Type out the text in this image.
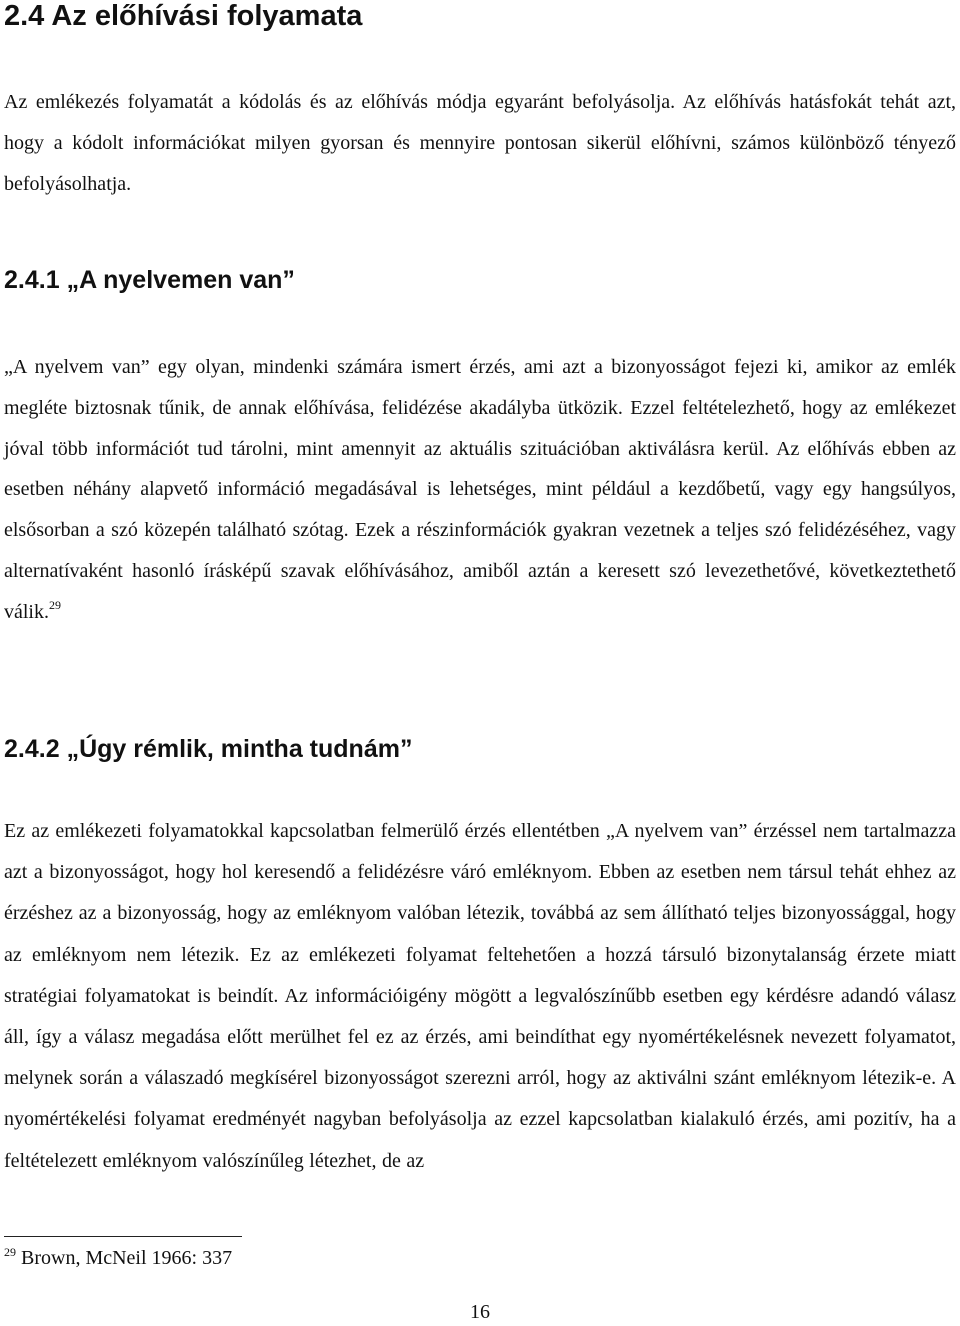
2.4 Az előhívási folyamata

Az emlékezés folyamatát a kódolás és az előhívás módja egyaránt befolyásolja. Az előhívás hatásfokát tehát azt, hogy a kódolt információkat milyen gyorsan és mennyire pontosan sikerül előhívni, számos különböző tényező befolyásolhatja.

2.4.1 „A nyelvemen van”

„A nyelvem van” egy olyan, mindenki számára ismert érzés, ami azt a bizonyosságot fejezi ki, amikor az emlék megléte biztosnak tűnik, de annak előhívása, felidézése akadályba ütközik. Ezzel feltételezhető, hogy az emlékezet jóval több információt tud tárolni, mint amennyit az aktuális szituációban aktiválásra kerül. Az előhívás ebben az esetben néhány alapvető információ megadásával is lehetséges, mint például a kezdőbetű, vagy egy hangsúlyos, elsősorban a szó közepén található szótag. Ezek a részinformációk gyakran vezetnek a teljes szó felidézéséhez, vagy alternatívaként hasonló írásképű szavak előhívásához, amiből aztán a keresett szó levezethetővé, következtethető válik.$^{29}$

2.4.2 „Úgy rémlik, mintha tudnám”

Ez az emlékezeti folyamatokkal kapcsolatban felmerülő érzés ellentétben „A nyelvem van” érzéssel nem tartalmazza azt a bizonyosságot, hogy hol keresendő a felidézésre váró emléknyom. Ebben az esetben nem társul tehát ehhez az érzéshez az a bizonyosság, hogy az emléknyom valóban létezik, továbbá az sem állítható teljes bizonyossággal, hogy az emléknyom nem létezik. Ez az emlékezeti folyamat feltehetően a hozzá társuló bizonytalanság érzete miatt stratégiai folyamatokat is beindít. Az információigény mögött a legvalószínűbb esetben egy kérdésre adandó válasz áll, így a válasz megadása előtt merülhet fel ez az érzés, ami beindíthat egy nyomértékelésnek nevezett folyamatot, melynek során a válaszadó megkísérel bizonyosságot szerezni arról, hogy az aktiválni szánt emléknyom létezik-e. A nyomértékelési folyamat eredményét nagyban befolyásolja az ezzel kapcsolatban kialakuló érzés, ami pozitív, ha a feltételezett emléknyom valószínűleg létezhet, de az

$^{29}$ Brown, McNeil 1966: 337

16
